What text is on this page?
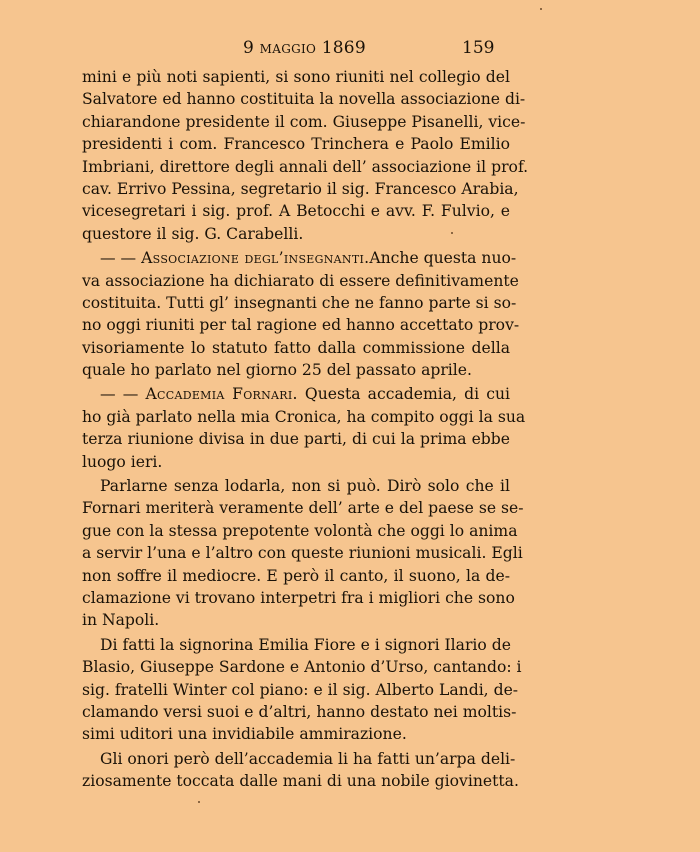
9 MAGGIO 1869	159
mini e più noti sapienti, si sono riuniti nel collegio del
Salvatore ed hanno costituita la novella associazione di-
chiarandone presidente il com. Giuseppe Pisanelli, vice-
presidenti i com. Francesco Trinchera e Paolo Emilio
Imbriani, direttore degli annali dell’ associazione il prof.
cav. Errivo Pessina, segretario il sig. Francesco Arabia,
vicesegretari i sig. prof. A Betocchi e avv. F. Fulvio, e
questore il sig. G. Carabelli.
— — Associazione degl’insegnanti.Anche questa nuo-
va associazione ha dichiarato di essere definitivamente
costituita. Tutti gl’ insegnanti che ne fanno parte si so-
no oggi riuniti per tal ragione ed hanno accettato prov-
visoriamente lo statuto fatto dalla commissione della
quale ho parlato nel giorno 25 del passato aprile.
— — Accademia Fornari. Questa accademia, di cui
ho già parlato nella mia Cronica, ha compito oggi la sua
terza riunione divisa in due parti, di cui la prima ebbe
luogo ieri.
Parlarne senza lodarla, non si può. Dirò solo che il
Fornari meriterà veramente dell’ arte e del paese se se-
gue con la stessa prepotente volontà che oggi lo anima
a servir l’una e l’altro con queste riunioni musicali. Egli
non soffre il mediocre. E però il canto, il suono, la de-
clamazione vi trovano interpetri fra i migliori che sono
in Napoli.
Di fatti la signorina Emilia Fiore e i signori Ilario de
Blasio, Giuseppe Sardone e Antonio d’Urso, cantando: i
sig. fratelli Winter col piano: e il sig. Alberto Landi, de-
clamando versi suoi e d’altri, hanno destato nei moltis-
simi uditori una invidiabile ammirazione.
Gli onori però dell’accademia li ha fatti un’arpa deli-
ziosamente toccata dalle mani di una nobile giovinetta.
